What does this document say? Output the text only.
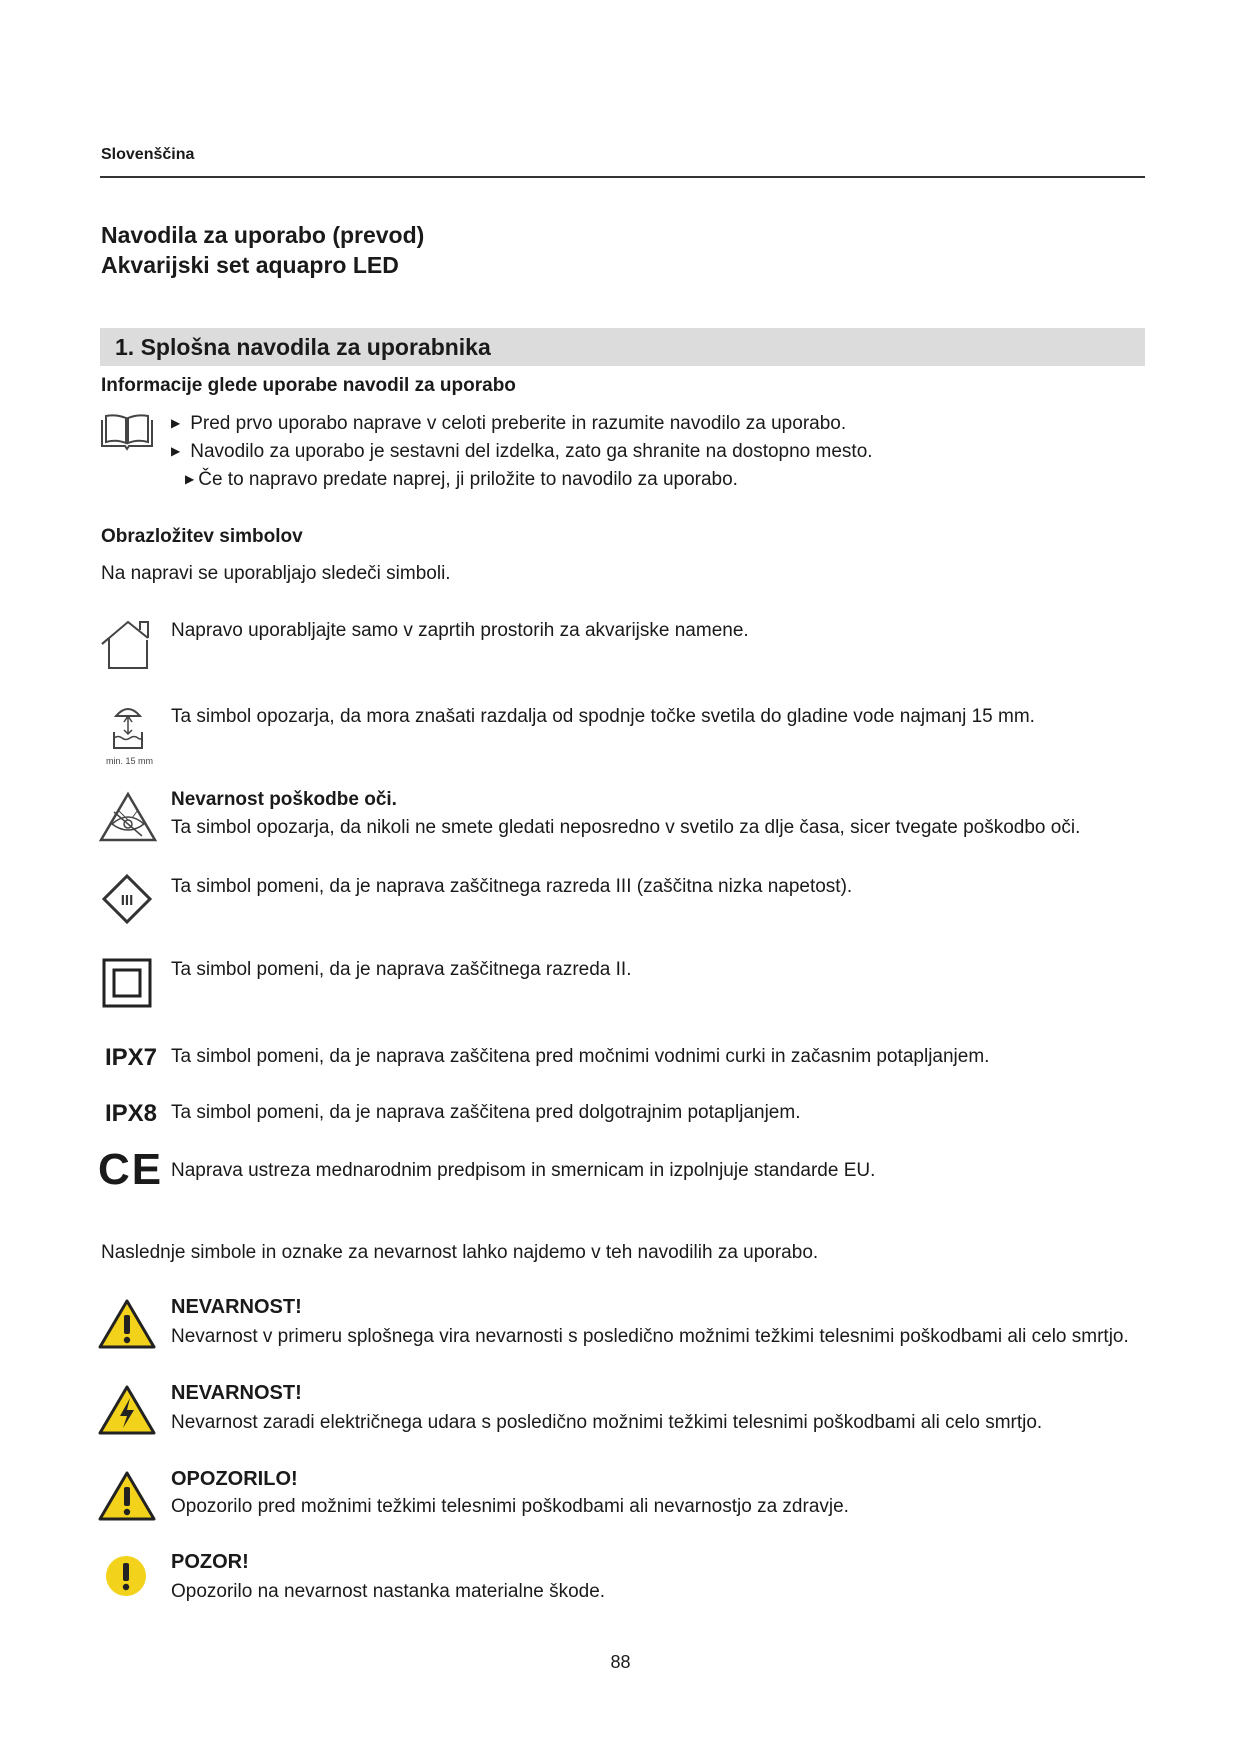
Slovenščina
Navodila za uporabo (prevod)
Akvarijski set aquapro LED
1. Splošna navodila za uporabnika
Informacije glede uporabe navodil za uporabo
▶ Pred prvo uporabo naprave v celoti preberite in razumite navodilo za uporabo.
▶ Navodilo za uporabo je sestavni del izdelka, zato ga shranite na dostopno mesto.
▶ Če to napravo predate naprej, ji priložite to navodilo za uporabo.
Obrazložitev simbolov
Na napravi se uporabljajo sledeči simboli.
Napravo uporabljajte samo v zaprtih prostorih za akvarijske namene.
min. 15 mm
Ta simbol opozarja, da mora znašati razdalja od spodnje točke svetila do gladine vode najmanj 15 mm.
Nevarnost poškodbe oči.
Ta simbol opozarja, da nikoli ne smete gledati neposredno v svetilo za dlje časa, sicer tvegate poškodbo oči.
III
Ta simbol pomeni, da je naprava zaščitnega razreda III (zaščitna nizka napetost).
Ta simbol pomeni, da je naprava zaščitnega razreda II.
IPX7 Ta simbol pomeni, da je naprava zaščitena pred močnimi vodnimi curki in začasnim potapljanjem.
IPX8 Ta simbol pomeni, da je naprava zaščitena pred dolgotrajnim potapljanjem.
CE Naprava ustreza mednarodnim predpisom in smernicam in izpolnjuje standarde EU.
Naslednje simbole in oznake za nevarnost lahko najdemo v teh navodilih za uporabo.
NEVARNOST!
Nevarnost v primeru splošnega vira nevarnosti s posledično možnimi težkimi telesnimi poškodbami ali celo smrtjo.
NEVARNOST!
Nevarnost zaradi električnega udara s posledično možnimi težkimi telesnimi poškodbami ali celo smrtjo.
OPOZORILO!
Opozorilo pred možnimi težkimi telesnimi poškodbami ali nevarnostjo za zdravje.
POZOR!
Opozorilo na nevarnost nastanka materialne škode.
88
